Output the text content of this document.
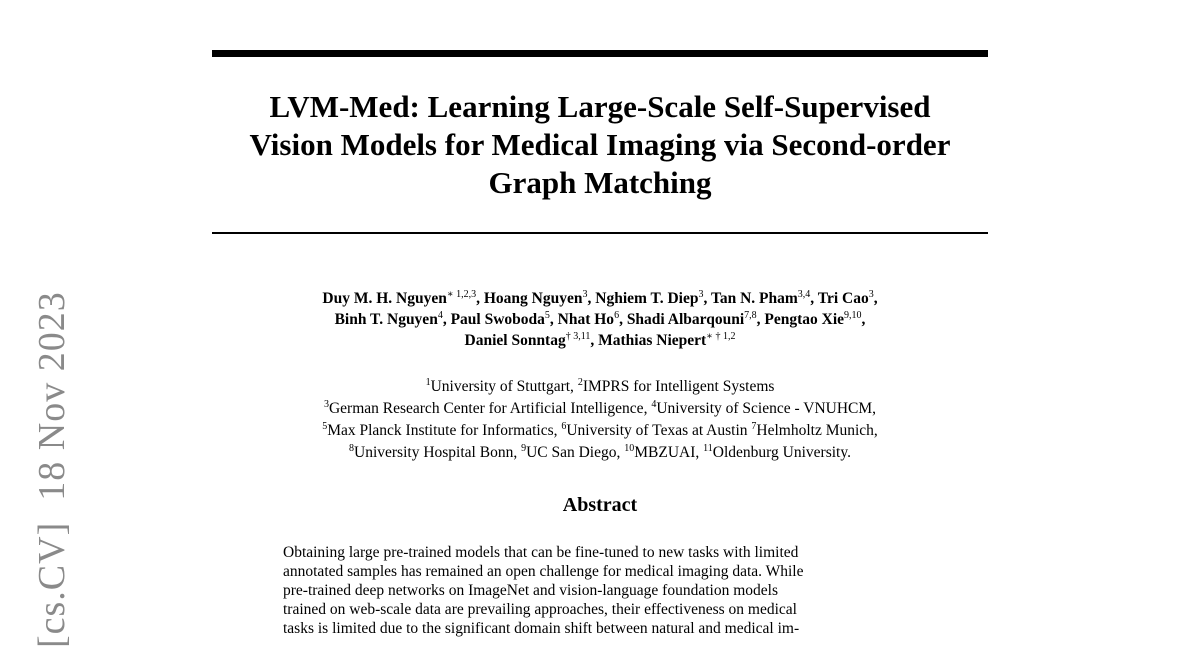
[cs.CV]  18 Nov 2023
LVM-Med: Learning Large-Scale Self-Supervised
Vision Models for Medical Imaging via Second-order
Graph Matching
Duy M. H. Nguyen$^{∗ 1,2,3}$, Hoang Nguyen$^3$, Nghiem T. Diep$^3$, Tan N. Pham$^{3,4}$, Tri Cao$^3$,
Binh T. Nguyen$^4$, Paul Swoboda$^5$, Nhat Ho$^6$, Shadi Albarqouni$^{7,8}$, Pengtao Xie$^{9,10}$,
Daniel Sonntag$^{\dagger 3,11}$, Mathias Niepert$^{∗ \dagger 1,2}$
$^1$University of Stuttgart, $^2$IMPRS for Intelligent Systems
$^3$German Research Center for Artificial Intelligence, $^4$University of Science - VNUHCM,
$^5$Max Planck Institute for Informatics, $^6$University of Texas at Austin $^7$Helmholtz Munich,
$^8$University Hospital Bonn, $^9$UC San Diego, $^{10}$MBZUAI, $^{11}$Oldenburg University.
Abstract
Obtaining large pre-trained models that can be fine-tuned to new tasks with limited
annotated samples has remained an open challenge for medical imaging data. While
pre-trained deep networks on ImageNet and vision-language foundation models
trained on web-scale data are prevailing approaches, their effectiveness on medical
tasks is limited due to the significant domain shift between natural and medical im-
